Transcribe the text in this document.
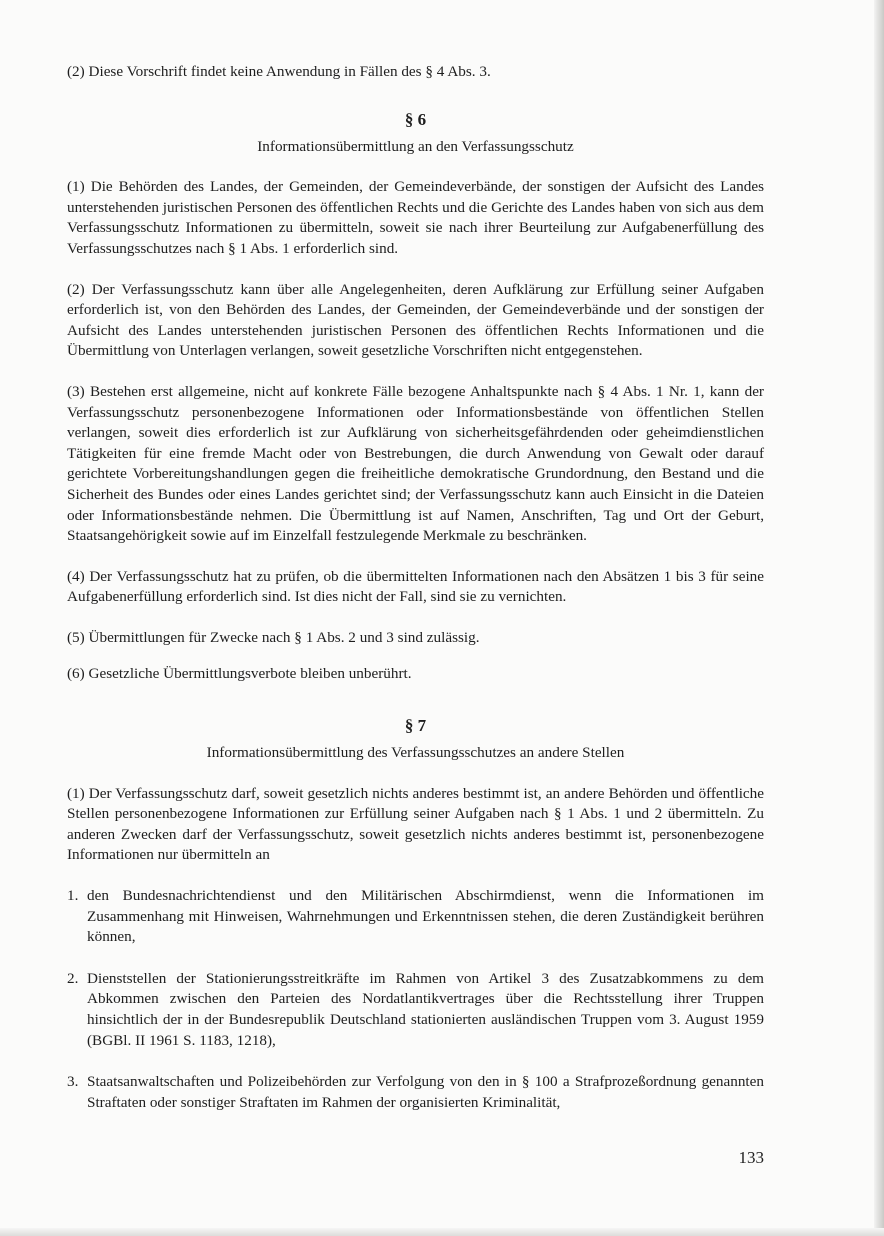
(2) Diese Vorschrift findet keine Anwendung in Fällen des § 4 Abs. 3.

§ 6
Informationsübermittlung an den Verfassungsschutz

(1) Die Behörden des Landes, der Gemeinden, der Gemeindeverbände, der sonstigen der Aufsicht des Landes unterstehenden juristischen Personen des öffentlichen Rechts und die Gerichte des Landes haben von sich aus dem Verfassungsschutz Informationen zu übermitteln, soweit sie nach ihrer Beurteilung zur Aufgabenerfüllung des Verfassungsschutzes nach § 1 Abs. 1 erforderlich sind.

(2) Der Verfassungsschutz kann über alle Angelegenheiten, deren Aufklärung zur Erfüllung seiner Aufgaben erforderlich ist, von den Behörden des Landes, der Gemeinden, der Gemeindeverbände und der sonstigen der Aufsicht des Landes unterstehenden juristischen Personen des öffentlichen Rechts Informationen und die Übermittlung von Unterlagen verlangen, soweit gesetzliche Vorschriften nicht entgegenstehen.

(3) Bestehen erst allgemeine, nicht auf konkrete Fälle bezogene Anhaltspunkte nach § 4 Abs. 1 Nr. 1, kann der Verfassungsschutz personenbezogene Informationen oder Informationsbestände von öffentlichen Stellen verlangen, soweit dies erforderlich ist zur Aufklärung von sicherheitsgefährdenden oder geheimdienstlichen Tätigkeiten für eine fremde Macht oder von Bestrebungen, die durch Anwendung von Gewalt oder darauf gerichtete Vorbereitungshandlungen gegen die freiheitliche demokratische Grundordnung, den Bestand und die Sicherheit des Bundes oder eines Landes gerichtet sind; der Verfassungsschutz kann auch Einsicht in die Dateien oder Informationsbestände nehmen. Die Übermittlung ist auf Namen, Anschriften, Tag und Ort der Geburt, Staatsangehörigkeit sowie auf im Einzelfall festzulegende Merkmale zu beschränken.

(4) Der Verfassungsschutz hat zu prüfen, ob die übermittelten Informationen nach den Absätzen 1 bis 3 für seine Aufgabenerfüllung erforderlich sind. Ist dies nicht der Fall, sind sie zu vernichten.

(5) Übermittlungen für Zwecke nach § 1 Abs. 2 und 3 sind zulässig.

(6) Gesetzliche Übermittlungsverbote bleiben unberührt.

§ 7
Informationsübermittlung des Verfassungsschutzes an andere Stellen

(1) Der Verfassungsschutz darf, soweit gesetzlich nichts anderes bestimmt ist, an andere Behörden und öffentliche Stellen personenbezogene Informationen zur Erfüllung seiner Aufgaben nach § 1 Abs. 1 und 2 übermitteln. Zu anderen Zwecken darf der Verfassungsschutz, soweit gesetzlich nichts anderes bestimmt ist, personenbezogene Informationen nur übermitteln an

1. den Bundesnachrichtendienst und den Militärischen Abschirmdienst, wenn die Informationen im Zusammenhang mit Hinweisen, Wahrnehmungen und Erkenntnissen stehen, die deren Zuständigkeit berühren können,
2. Dienststellen der Stationierungsstreitkräfte im Rahmen von Artikel 3 des Zusatzabkommens zu dem Abkommen zwischen den Parteien des Nordatlantikvertrages über die Rechtsstellung ihrer Truppen hinsichtlich der in der Bundesrepublik Deutschland stationierten ausländischen Truppen vom 3. August 1959 (BGBl. II 1961 S. 1183, 1218),
3. Staatsanwaltschaften und Polizeibehörden zur Verfolgung von den in § 100 a Strafprozeßordnung genannten Straftaten oder sonstiger Straftaten im Rahmen der organisierten Kriminalität,
133
